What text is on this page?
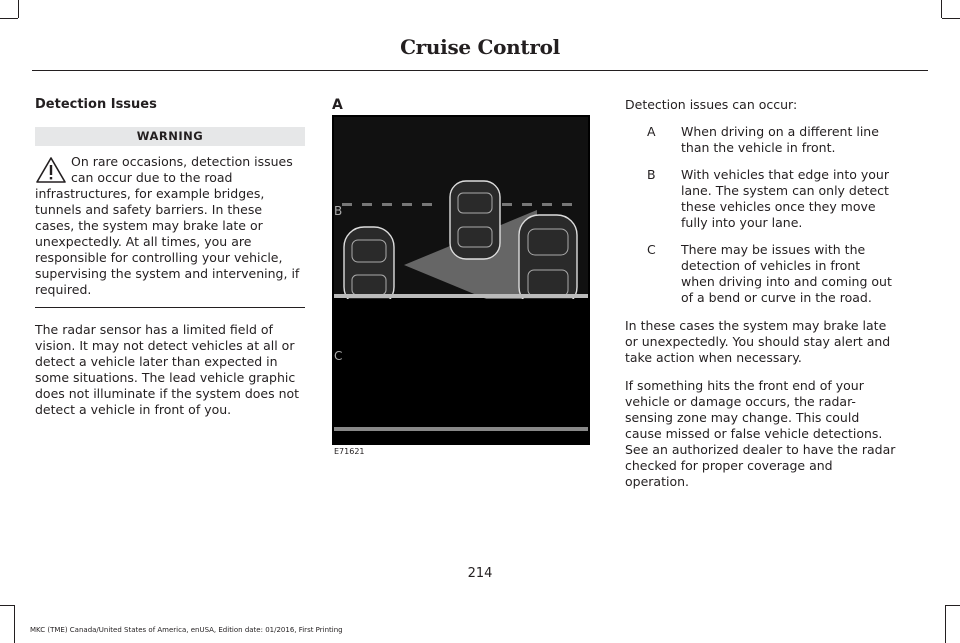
Cruise Control
Detection Issues
WARNING
On rare occasions, detection issues can occur due to the road infrastructures, for example bridges, tunnels and safety barriers. In these cases, the system may brake late or unexpectedly. At all times, you are responsible for controlling your vehicle, supervising the system and intervening, if required.
The radar sensor has a limited field of vision. It may not detect vehicles at all or detect a vehicle later than expected in some situations. The lead vehicle graphic does not illuminate if the system does not detect a vehicle in front of you.
A
B
C
E71621

Detection issues can occur:

A	When driving on a different line than the vehicle in front.
B	With vehicles that edge into your lane. The system can only detect these vehicles once they move fully into your lane.
C	There may be issues with the detection of vehicles in front when driving into and coming out of a bend or curve in the road.
In these cases the system may brake late or unexpectedly. You should stay alert and take action when necessary.
If something hits the front end of your vehicle or damage occurs, the radar-sensing zone may change. This could cause missed or false vehicle detections. See an authorized dealer to have the radar checked for proper coverage and operation.
214
MKC (TME) Canada/United States of America, enUSA, Edition date: 01/2016, First Printing
